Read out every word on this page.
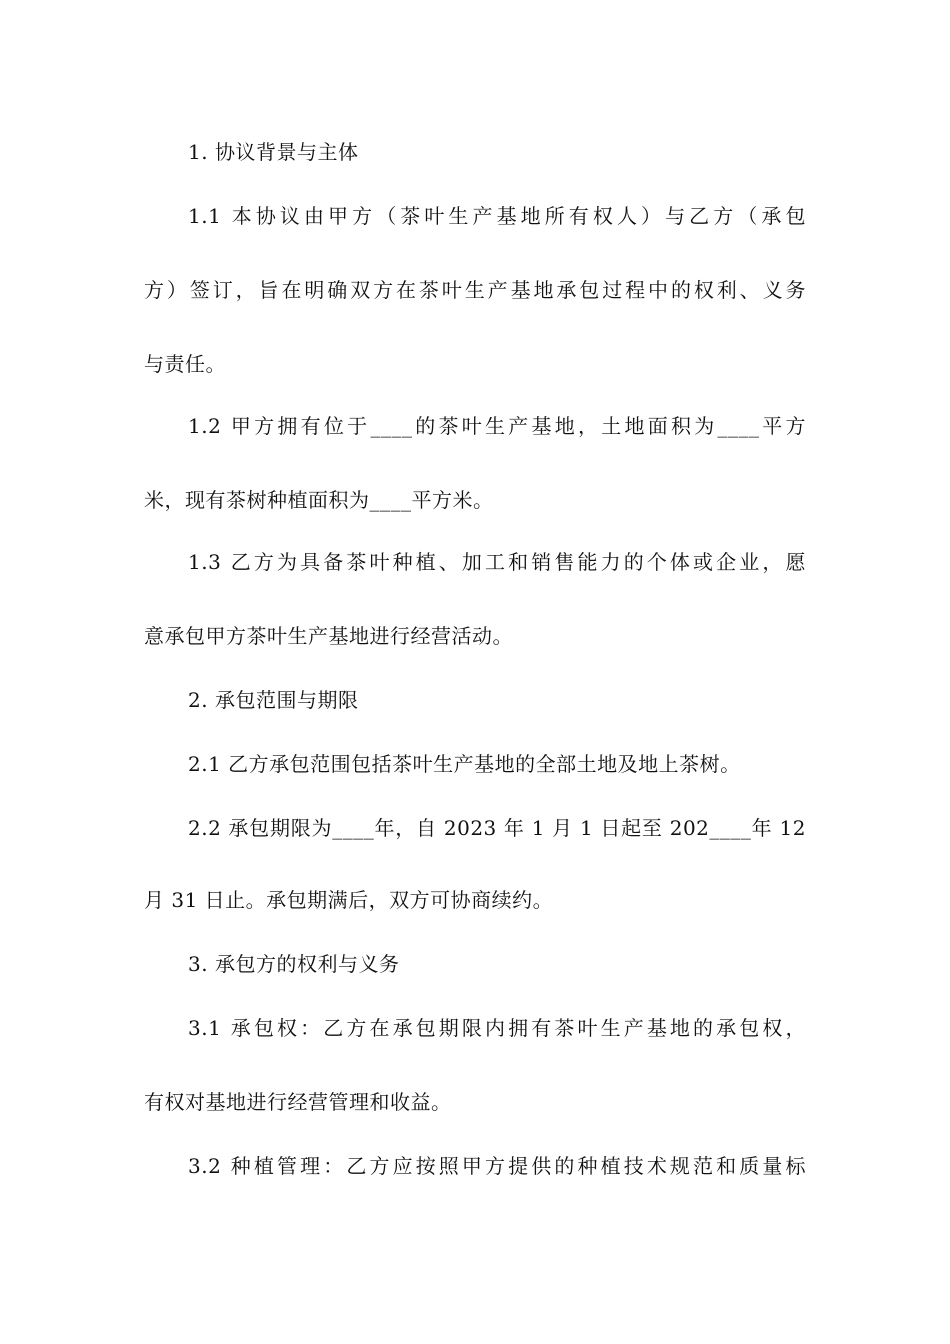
1. 协议背景与主体
1.1 本协议由甲方（茶叶生产基地所有权人）与乙方（承包
方）签订，旨在明确双方在茶叶生产基地承包过程中的权利、义务
与责任。
1.2 甲方拥有位于____的茶叶生产基地，土地面积为____平方
米，现有茶树种植面积为____平方米。
1.3 乙方为具备茶叶种植、加工和销售能力的个体或企业，愿
意承包甲方茶叶生产基地进行经营活动。
2. 承包范围与期限
2.1 乙方承包范围包括茶叶生产基地的全部土地及地上茶树。
2.2 承包期限为____年，自 2023 年 1 月 1 日起至 202____年 12
月 31 日止。承包期满后，双方可协商续约。
3. 承包方的权利与义务
3.1 承包权：乙方在承包期限内拥有茶叶生产基地的承包权，
有权对基地进行经营管理和收益。
3.2 种植管理：乙方应按照甲方提供的种植技术规范和质量标
